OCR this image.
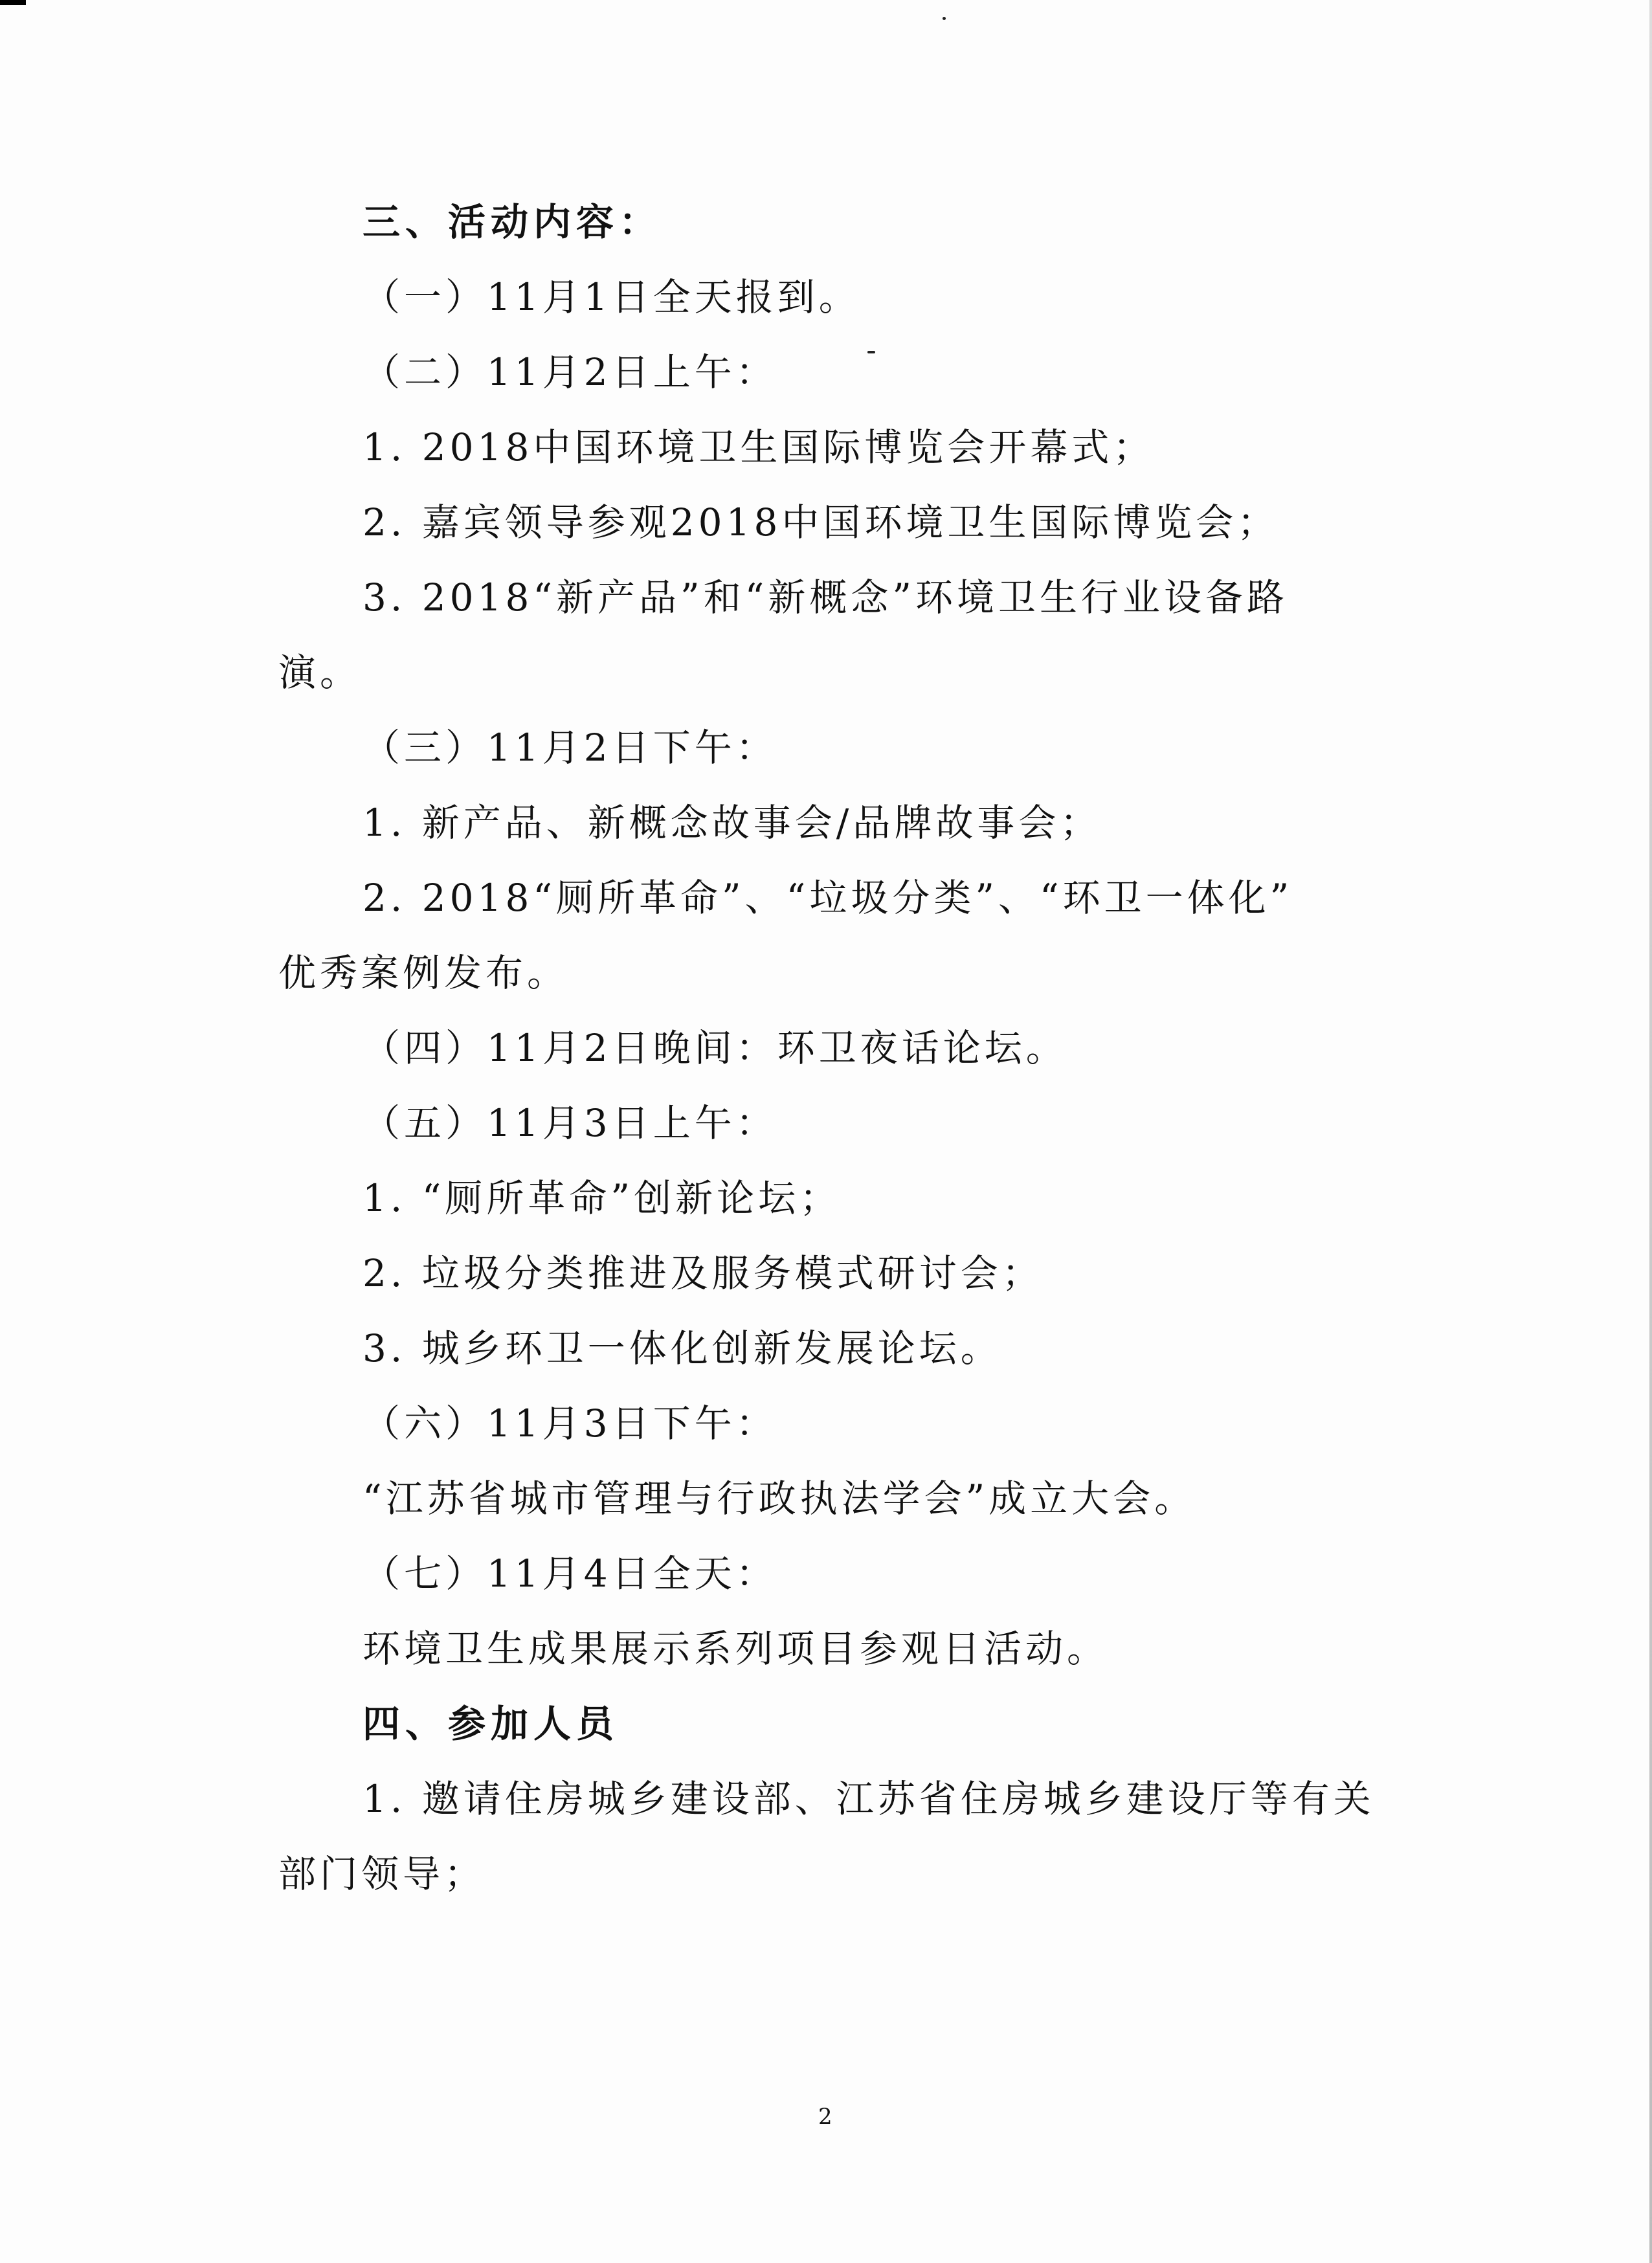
三、活动内容：
（一）11月1日全天报到。
（二）11月2日上午：
1. 2018中国环境卫生国际博览会开幕式；
2. 嘉宾领导参观2018中国环境卫生国际博览会；
3. 2018“新产品”和“新概念”环境卫生行业设备路
演。
（三）11月2日下午：
1. 新产品、新概念故事会/品牌故事会；
2. 2018“厕所革命”、“垃圾分类”、“环卫一体化”
优秀案例发布。
（四）11月2日晚间：环卫夜话论坛。
（五）11月3日上午：
1. “厕所革命”创新论坛；
2. 垃圾分类推进及服务模式研讨会；
3. 城乡环卫一体化创新发展论坛。
（六）11月3日下午：
“江苏省城市管理与行政执法学会”成立大会。
（七）11月4日全天：
环境卫生成果展示系列项目参观日活动。
四、参加人员
1. 邀请住房城乡建设部、江苏省住房城乡建设厅等有关
部门领导；
2
